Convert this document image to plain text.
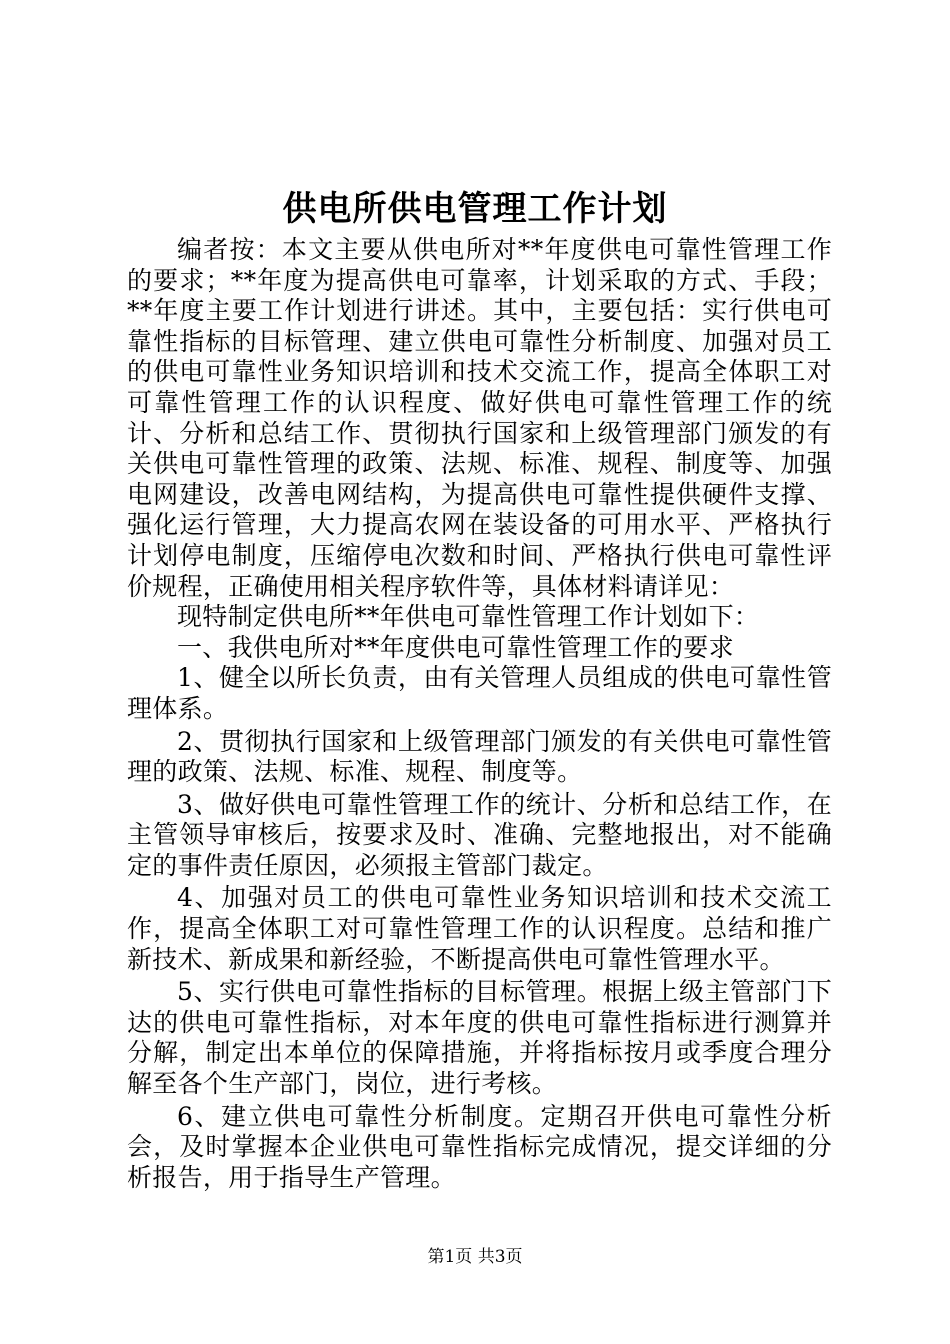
供电所供电管理工作计划

编者按：本文主要从供电所对**年度供电可靠性管理工作的要求；**年度为提高供电可靠率，计划采取的方式、手段；**年度主要工作计划进行讲述。其中，主要包括：实行供电可靠性指标的目标管理、建立供电可靠性分析制度、加强对员工的供电可靠性业务知识培训和技术交流工作，提高全体职工对可靠性管理工作的认识程度、做好供电可靠性管理工作的统计、分析和总结工作、贯彻执行国家和上级管理部门颁发的有关供电可靠性管理的政策、法规、标准、规程、制度等、加强电网建设，改善电网结构，为提高供电可靠性提供硬件支撑、强化运行管理，大力提高农网在装设备的可用水平、严格执行计划停电制度，压缩停电次数和时间、严格执行供电可靠性评价规程，正确使用相关程序软件等，具体材料请详见：

现特制定供电所**年供电可靠性管理工作计划如下：

一、我供电所对**年度供电可靠性管理工作的要求

1、健全以所长负责，由有关管理人员组成的供电可靠性管理体系。

2、贯彻执行国家和上级管理部门颁发的有关供电可靠性管理的政策、法规、标准、规程、制度等。

3、做好供电可靠性管理工作的统计、分析和总结工作，在主管领导审核后，按要求及时、准确、完整地报出，对不能确定的事件责任原因，必须报主管部门裁定。

4、加强对员工的供电可靠性业务知识培训和技术交流工作，提高全体职工对可靠性管理工作的认识程度。总结和推广新技术、新成果和新经验，不断提高供电可靠性管理水平。

5、实行供电可靠性指标的目标管理。根据上级主管部门下达的供电可靠性指标，对本年度的供电可靠性指标进行测算并分解，制定出本单位的保障措施，并将指标按月或季度合理分解至各个生产部门，岗位，进行考核。

6、建立供电可靠性分析制度。定期召开供电可靠性分析会，及时掌握本企业供电可靠性指标完成情况，提交详细的分析报告，用于指导生产管理。

第1页 共3页
